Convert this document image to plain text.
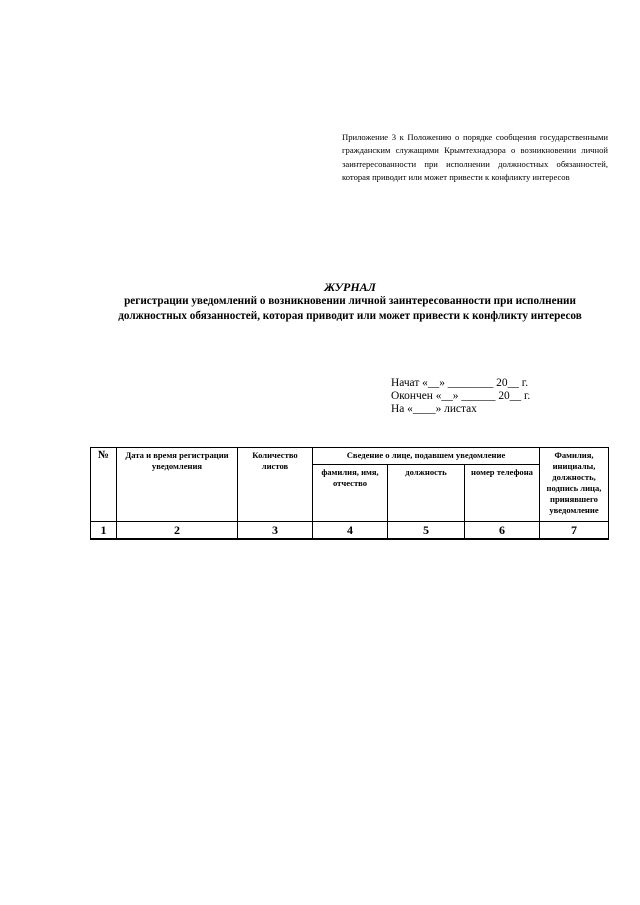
Приложение 3 к Положению о порядке сообщения государственными гражданским служащими Крымтехнадзора о возникновении личной заинтересованности при исполнении должностных обязанностей, которая приводит или может привести к конфликту интересов
ЖУРНАЛ
регистрации уведомлений о возникновении личной заинтересованности при исполнении должностных обязанностей, которая приводит или может привести к конфликту интересов
Начат «__» ________ 20__ г.
Окончен «__» ______ 20__ г.
На «____» листах
№	Дата и время регистрации уведомления	Количество листов	Сведение о лице, подавшем уведомление			Фамилия, инициалы, должность, подпись лица, принявшего уведомление
			фамилия, имя, отчество	должность	номер телефона	
1	2	3	4	5	6	7
